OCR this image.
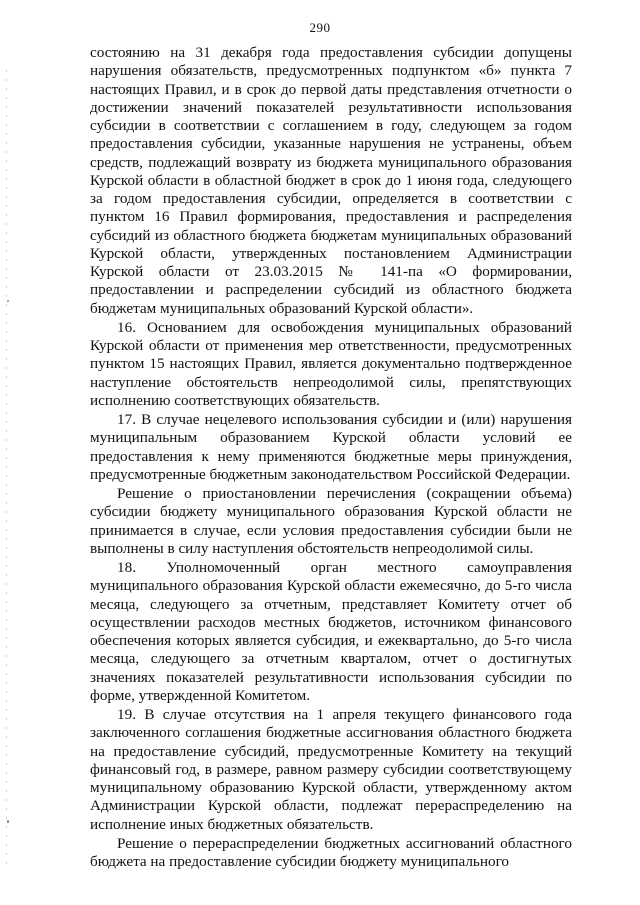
290

состоянию на 31 декабря года предоставления субсидии допущены нарушения обязательств, предусмотренных подпунктом «б» пункта 7 настоящих Правил, и в срок до первой даты представления отчетности о достижении значений показателей результативности использования субсидии в соответствии с соглашением в году, следующем за годом предоставления субсидии, указанные нарушения не устранены, объем средств, подлежащий возврату из бюджета муниципального образования Курской области в областной бюджет в срок до 1 июня года, следующего за годом предоставления субсидии, определяется в соответствии с пунктом 16 Правил формирования, предоставления и распределения субсидий из областного бюджета бюджетам муниципальных образований Курской области, утвержденных постановлением Администрации Курской области от 23.03.2015 № 141-па «О формировании, предоставлении и распределении субсидий из областного бюджета бюджетам муниципальных образований Курской области».

16. Основанием для освобождения муниципальных образований Курской области от применения мер ответственности, предусмотренных пунктом 15 настоящих Правил, является документально подтвержденное наступление обстоятельств непреодолимой силы, препятствующих исполнению соответствующих обязательств.

17. В случае нецелевого использования субсидии и (или) нарушения муниципальным образованием Курской области условий ее предоставления к нему применяются бюджетные меры принуждения, предусмотренные бюджетным законодательством Российской Федерации.

Решение о приостановлении перечисления (сокращении объема) субсидии бюджету муниципального образования Курской области не принимается в случае, если условия предоставления субсидии были не выполнены в силу наступления обстоятельств непреодолимой силы.

18. Уполномоченный орган местного самоуправления муниципального образования Курской области ежемесячно, до 5-го числа месяца, следующего за отчетным, представляет Комитету отчет об осуществлении расходов местных бюджетов, источником финансового обеспечения которых является субсидия, и ежеквартально, до 5-го числа месяца, следующего за отчетным кварталом, отчет о достигнутых значениях показателей результативности использования субсидии по форме, утвержденной Комитетом.

19. В случае отсутствия на 1 апреля текущего финансового года заключенного соглашения бюджетные ассигнования областного бюджета на предоставление субсидий, предусмотренные Комитету на текущий финансовый год, в размере, равном размеру субсидии соответствующему муниципальному образованию Курской области, утвержденному актом Администрации Курской области, подлежат перераспределению на исполнение иных бюджетных обязательств.

Решение о перераспределении бюджетных ассигнований областного бюджета на предоставление субсидии бюджету муниципального
